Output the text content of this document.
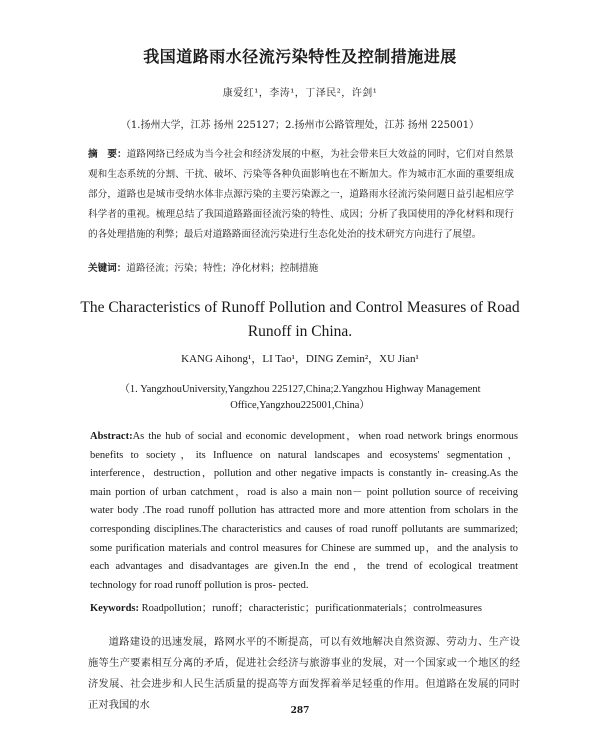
我国道路雨水径流污染特性及控制措施进展
康爱红¹，李涛¹，丁泽民²，许剑¹
（1.扬州大学，江苏 扬州 225127；2.扬州市公路管理处，江苏 扬州 225001）
摘　要：道路网络已经成为当今社会和经济发展的中枢，为社会带来巨大效益的同时，它们对自然景观和生态系统的分割、干扰、破坏、污染等各种负面影响也在不断加大。作为城市汇水面的重要组成部分，道路也是城市受纳水体非点源污染的主要污染源之一，道路雨水径流污染问题日益引起相应学科学者的重视。梳理总结了我国道路路面径流污染的特性、成因；分析了我国使用的净化材料和现行的各处理措施的利弊；最后对道路路面径流污染进行生态化处治的技术研究方向进行了展望。
关键词：道路径流；污染；特性；净化材料；控制措施
The Characteristics of Runoff Pollution and Control Measures of Road Runoff in China.
KANG Aihong¹，LI Tao¹，DING Zemin²，XU Jian¹
（1. YangzhouUniversity,Yangzhou 225127,China;2.Yangzhou Highway Management
Office,Yangzhou225001,China）
Abstract:As the hub of social and economic development，when road network brings enormous benefits to society，its Influence on natural landscapes and ecosystems' segmentation，interference，destruction，pollution and other negative impacts is constantly in- creasing.As the main portion of urban catchment，road is also a main non－ point pollution source of receiving water body .The road runoff pollution has attracted more and more attention from scholars in the corresponding disciplines.The characteristics and causes of road runoff pollutants are summarized; some purification materials and control measures for Chinese are summed up，and the analysis to each advantages and disadvantages are given.In the end，the trend of ecological treatment technology for road runoff pollution is pros- pected.
Keywords: Roadpollution；runoff；characteristic；purificationmaterials；controlmeasures
道路建设的迅速发展，路网水平的不断提高，可以有效地解决自然资源、劳动力、生产设施等生产要素相互分离的矛盾，促进社会经济与旅游事业的发展，对一个国家或一个地区的经济发展、社会进步和人民生活质量的提高等方面发挥着举足轻重的作用。但道路在发展的同时正对我国的水	287
